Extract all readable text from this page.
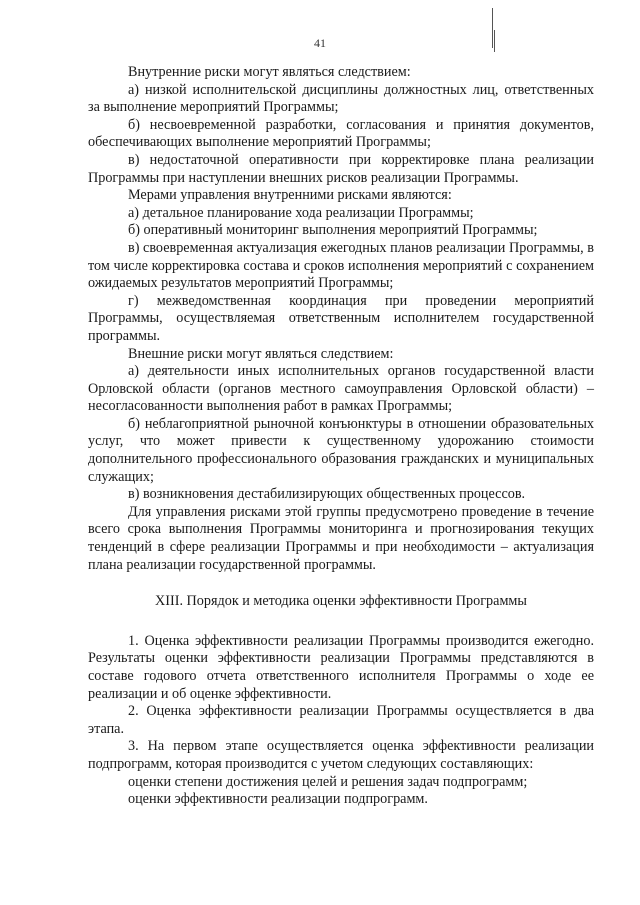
41

Внутренние риски могут являться следствием:

а) низкой исполнительской дисциплины должностных лиц, ответственных за выполнение мероприятий Программы;

б) несвоевременной разработки, согласования и принятия документов, обеспечивающих выполнение мероприятий Программы;

в) недостаточной оперативности при корректировке плана реализации Программы при наступлении внешних рисков реализации Программы.

Мерами управления внутренними рисками являются:

а) детальное планирование хода реализации Программы;

б) оперативный мониторинг выполнения мероприятий Программы;

в) своевременная актуализация ежегодных планов реализации Программы, в том числе корректировка состава и сроков исполнения мероприятий с сохранением ожидаемых результатов мероприятий Программы;

г) межведомственная координация при проведении мероприятий Программы, осуществляемая ответственным исполнителем государственной программы.

Внешние риски могут являться следствием:

а) деятельности иных исполнительных органов государственной власти Орловской области (органов местного самоуправления Орловской области) – несогласованности выполнения работ в рамках Программы;

б) неблагоприятной рыночной конъюнктуры в отношении образовательных услуг, что может привести к существенному удорожанию стоимости дополнительного профессионального образования гражданских и муниципальных служащих;

в) возникновения дестабилизирующих общественных процессов.

Для управления рисками этой группы предусмотрено проведение в течение всего срока выполнения Программы мониторинга и прогнозирования текущих тенденций в сфере реализации Программы и при необходимости – актуализация плана реализации государственной программы.

XIII. Порядок и методика оценки эффективности Программы

1. Оценка эффективности реализации Программы производится ежегодно. Результаты оценки эффективности реализации Программы представляются в составе годового отчета ответственного исполнителя Программы о ходе ее реализации и об оценке эффективности.

2. Оценка эффективности реализации Программы осуществляется в два этапа.

3. На первом этапе осуществляется оценка эффективности реализации подпрограмм, которая производится с учетом следующих составляющих:

оценки степени достижения целей и решения задач подпрограмм;

оценки эффективности реализации подпрограмм.
